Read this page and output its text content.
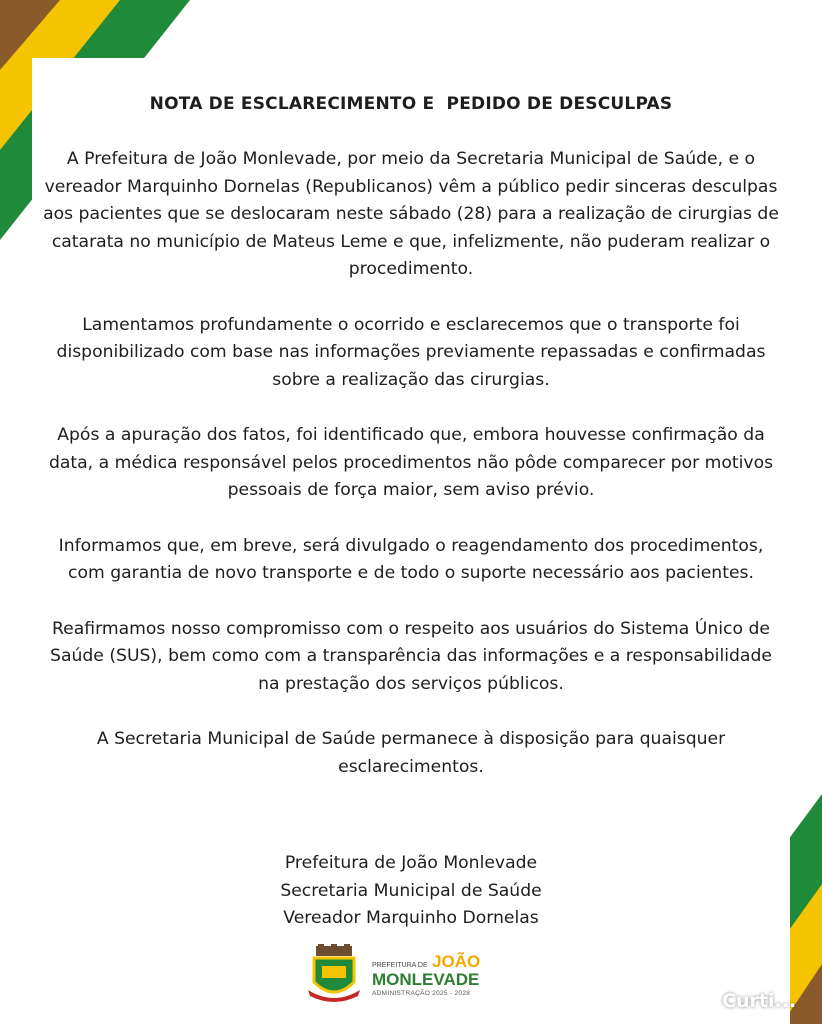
NOTA DE ESCLARECIMENTO E  PEDIDO DE DESCULPAS

A Prefeitura de João Monlevade, por meio da Secretaria Municipal de Saúde, e o vereador Marquinho Dornelas (Republicanos) vêm a público pedir sinceras desculpas aos pacientes que se deslocaram neste sábado (28) para a realização de cirurgias de catarata no município de Mateus Leme e que, infelizmente, não puderam realizar o procedimento.

Lamentamos profundamente o ocorrido e esclarecemos que o transporte foi disponibilizado com base nas informações previamente repassadas e confirmadas sobre a realização das cirurgias.

Após a apuração dos fatos, foi identificado que, embora houvesse confirmação da data, a médica responsável pelos procedimentos não pôde comparecer por motivos pessoais de força maior, sem aviso prévio.

Informamos que, em breve, será divulgado o reagendamento dos procedimentos, com garantia de novo transporte e de todo o suporte necessário aos pacientes.

Reafirmamos nosso compromisso com o respeito aos usuários do Sistema Único de Saúde (SUS), bem como com a transparência das informações e a responsabilidade na prestação dos serviços públicos.

A Secretaria Municipal de Saúde permanece à disposição para quaisquer esclarecimentos.

Prefeitura de João Monlevade
Secretaria Municipal de Saúde
Vereador Marquinho Dornelas
PREFEITURA DE JOÃO
MONLEVADE
ADMINISTRAÇÃO 2025 - 2028	Curti...
